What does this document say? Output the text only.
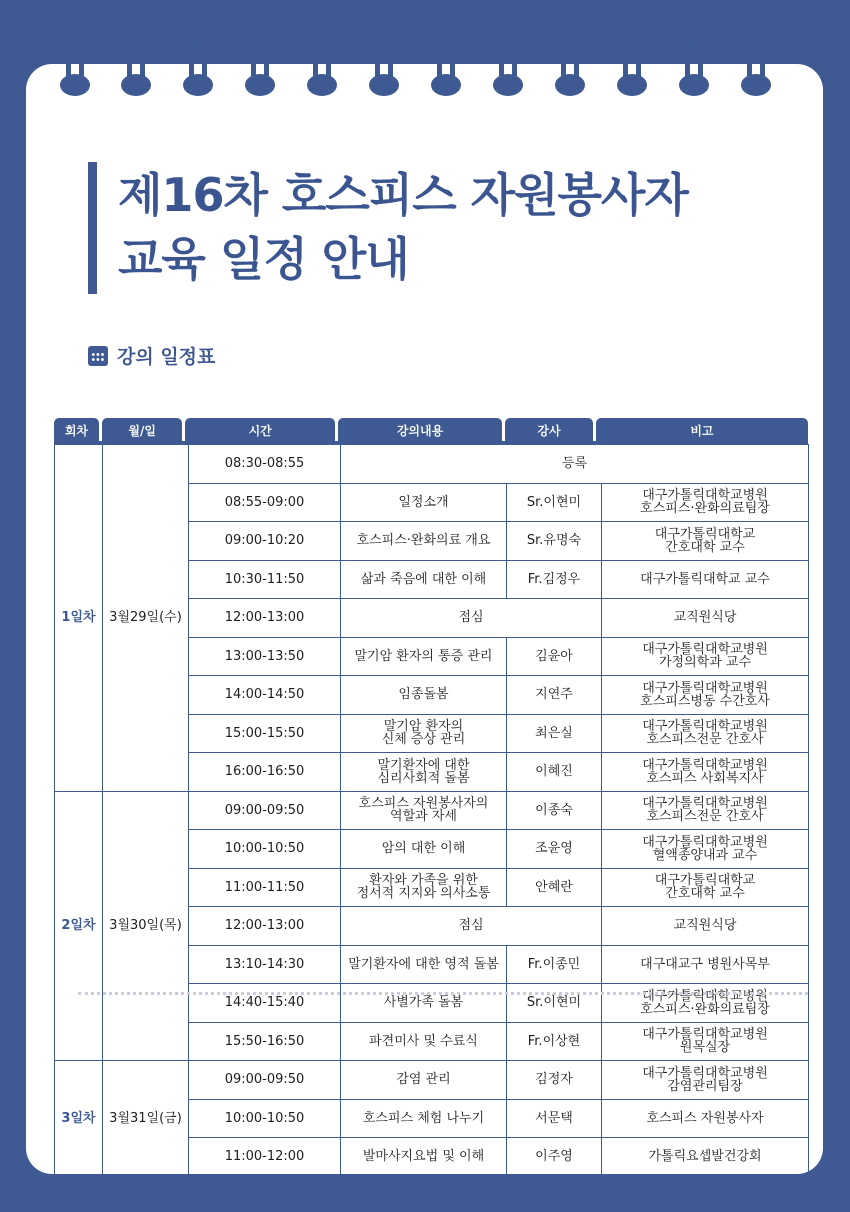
제16차 호스피스 자원봉사자
교육 일정 안내
강의 일정표
회차	월/일	시간	강의내용	강사	비고
1일차	3월29일(수)	08:30-08:55	등록		
		08:55-09:00	일정소개	Sr.이현미	대구가톨릭대학교병원
호스피스·완화의료팀장
		09:00-10:20	호스피스·완화의료 개요	Sr.유명숙	대구가톨릭대학교
간호대학 교수
		10:30-11:50	삶과 죽음에 대한 이해	Fr.김정우	대구가톨릭대학교 교수
		12:00-13:00	점심		교직원식당
		13:00-13:50	말기암 환자의 통증 관리	김윤아	대구가톨릭대학교병원
가정의학과 교수
		14:00-14:50	임종돌봄	지연주	대구가톨릭대학교병원
호스피스병동 수간호사
		15:00-15:50	말기암 환자의
신체 증상 관리	최은실	대구가톨릭대학교병원
호스피스전문 간호사
		16:00-16:50	말기환자에 대한
심리사회적 돌봄	이혜진	대구가톨릭대학교병원
호스피스 사회복지사
2일차	3월30일(목)	09:00-09:50	호스피스 자원봉사자의
역할과 자세	이종숙	대구가톨릭대학교병원
호스피스전문 간호사
		10:00-10:50	암의 대한 이해	조윤영	대구가톨릭대학교병원
혈액종양내과 교수
		11:00-11:50	환자와 가족을 위한
정서적 지지와 의사소통	안혜란	대구가톨릭대학교
간호대학 교수
		12:00-13:00	점심		교직원식당
		13:10-14:30	말기환자에 대한 영적 돌봄	Fr.이종민	대구대교구 병원사목부
		14:40-15:40	사별가족 돌봄	Sr.이현미	대구가톨릭대학교병원
호스피스·완화의료팀장
		15:50-16:50	파견미사 및 수료식	Fr.이상현	대구가톨릭대학교병원
원목실장
3일차	3월31일(금)	09:00-09:50	감염 관리	김정자	대구가톨릭대학교병원
감염관리팀장
		10:00-10:50	호스피스 체험 나누기	서문택	호스피스 자원봉사자
		11:00-12:00	발마사지요법 및 이해	이주영	가톨릭요셉발건강회
